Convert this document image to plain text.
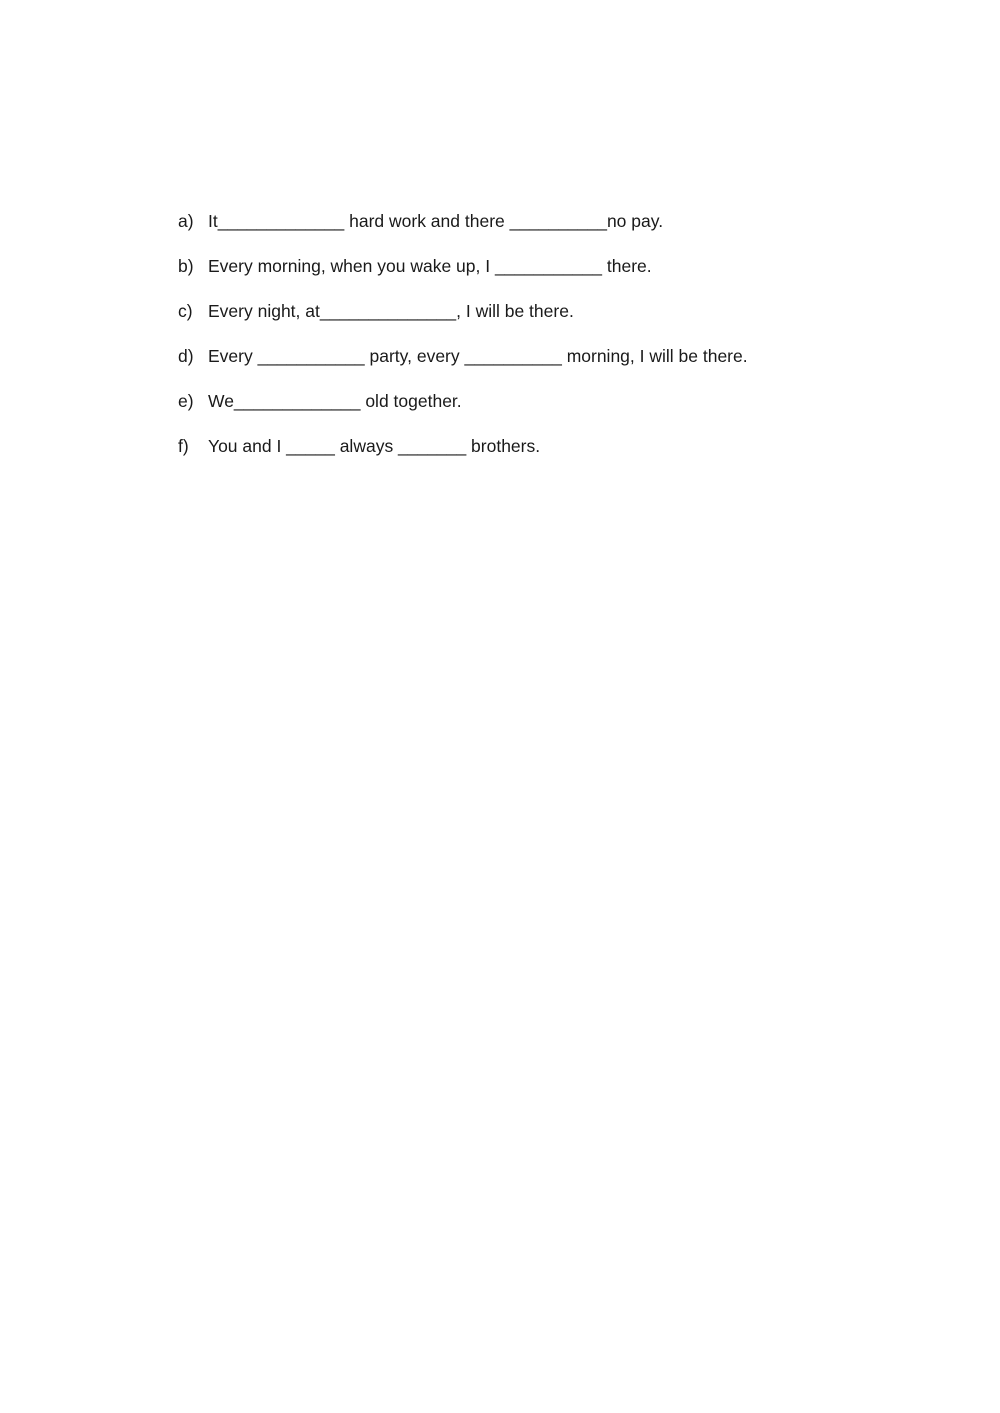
a) It_____________ hard work and there __________no pay.
b) Every morning, when you wake up, I ___________ there.
c) Every night, at______________, I will be there.
d) Every ___________ party, every __________ morning, I will be there.
e) We_____________ old together.
f)	You and I _____ always _______ brothers.
